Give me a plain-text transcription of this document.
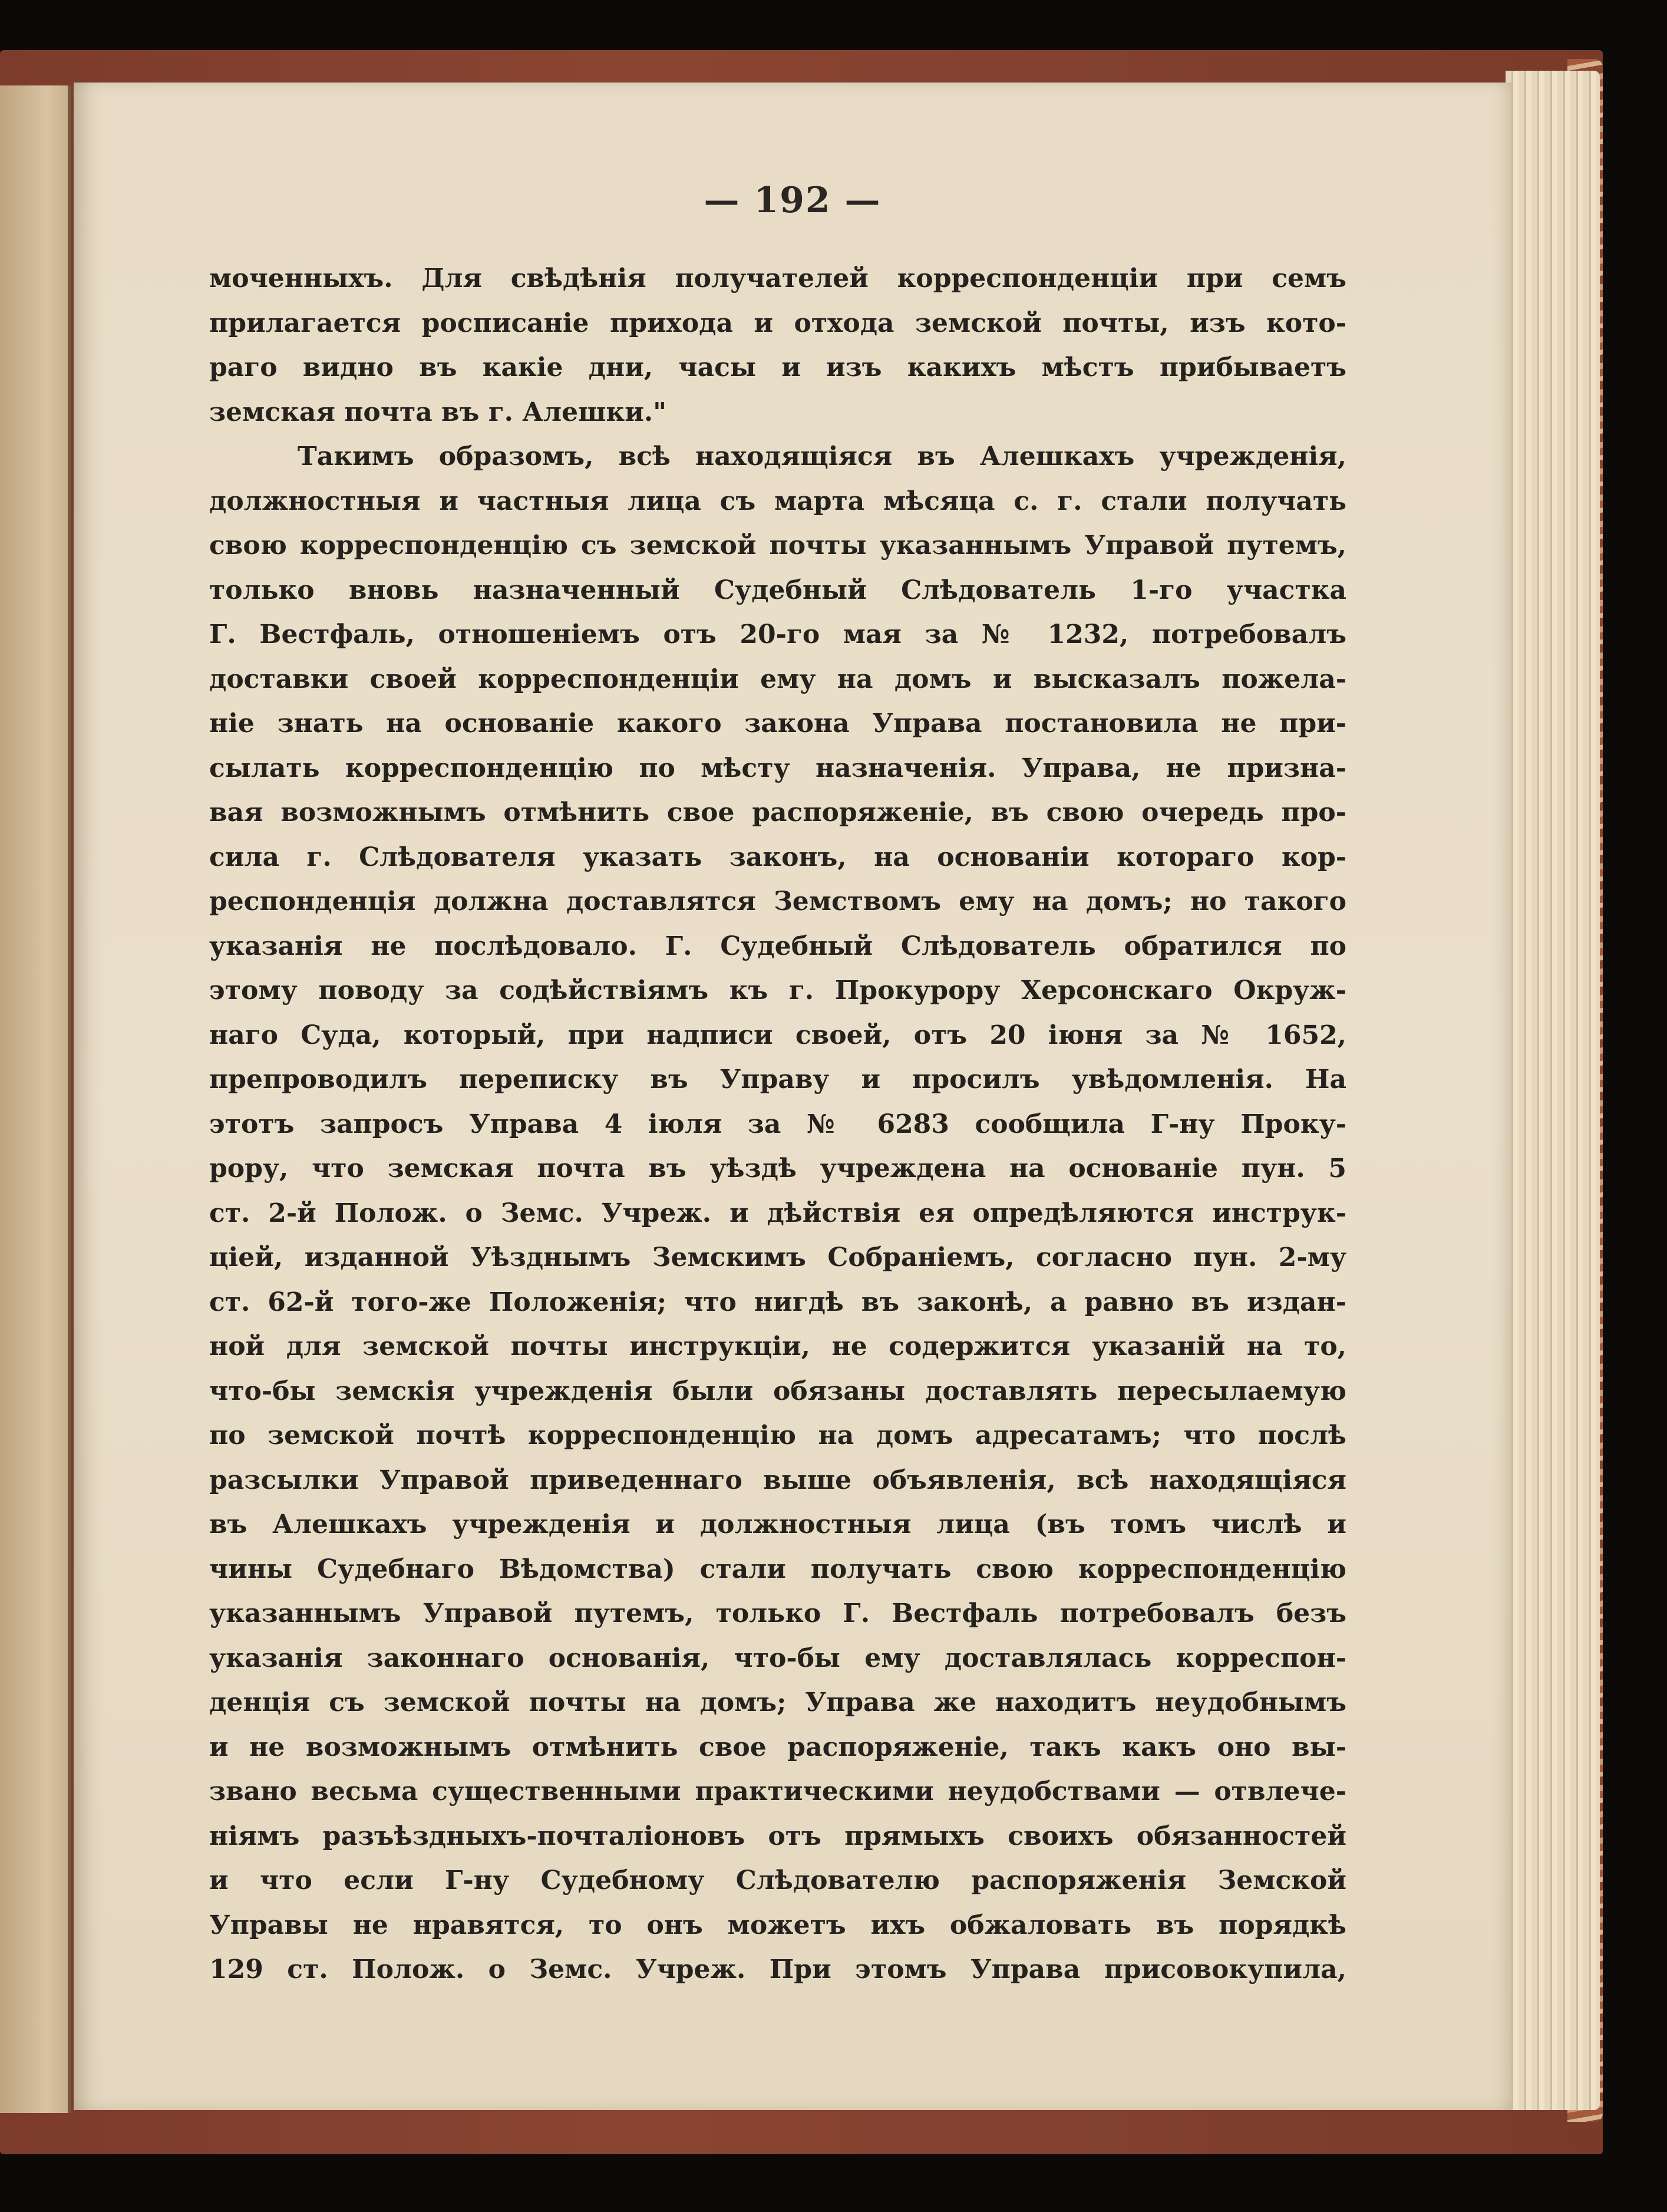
— 192 —
моченныхъ. Для свѣдѣнія получателей корреспонденціи при семъ
прилагается росписаніе прихода и отхода земской почты, изъ кото-
раго видно въ какіе дни, часы и изъ какихъ мѣстъ прибываетъ
земская почта въ г. Алешки."
Такимъ образомъ, всѣ находящіяся въ Алешкахъ учрежденія,
должностныя и частныя лица съ марта мѣсяца с. г. стали получать
свою корреспонденцію съ земской почты указаннымъ Управой путемъ,
только вновь назначенный Судебный Слѣдователь 1-го участка
Г. Вестфаль, отношеніемъ отъ 20-го мая за № 1232, потребовалъ
доставки своей корреспонденціи ему на домъ и высказалъ пожела-
ніе знать на основаніе какого закона Управа постановила не при-
сылать корреспонденцію по мѣсту назначенія. Управа, не призна-
вая возможнымъ отмѣнить свое распоряженіе, въ свою очередь про-
сила г. Слѣдователя указать законъ, на основаніи котораго кор-
респонденція должна доставлятся Земствомъ ему на домъ; но такого
указанія не послѣдовало. Г. Судебный Слѣдователь обратился по
этому поводу за содѣйствіямъ къ г. Прокурору Херсонскаго Окруж-
наго Суда, который, при надписи своей, отъ 20 іюня за № 1652,
препроводилъ переписку въ Управу и просилъ увѣдомленія. На
этотъ запросъ Управа 4 іюля за № 6283 сообщила Г-ну Проку-
рору, что земская почта въ уѣздѣ учреждена на основаніе пун. 5
ст. 2-й Полож. о Земс. Учреж. и дѣйствія ея опредѣляются инструк-
ціей, изданной Уѣзднымъ Земскимъ Собраніемъ, согласно пун. 2-му
ст. 62-й того-же Положенія; что нигдѣ въ законѣ, а равно въ издан-
ной для земской почты инструкціи, не содержится указаній на то,
что-бы земскія учрежденія были обязаны доставлять пересылаемую
по земской почтѣ корреспонденцію на домъ адресатамъ; что послѣ
разсылки Управой приведеннаго выше объявленія, всѣ находящіяся
въ Алешкахъ учрежденія и должностныя лица (въ томъ числѣ и
чины Судебнаго Вѣдомства) стали получать свою корреспонденцію
указаннымъ Управой путемъ, только Г. Вестфаль потребовалъ безъ
указанія законнаго основанія, что-бы ему доставлялась корреспон-
денція съ земской почты на домъ; Управа же находитъ неудобнымъ
и не возможнымъ отмѣнить свое распоряженіе, такъ какъ оно вы-
звано весьма существенными практическими неудобствами — отвлече-
ніямъ разъѣздныхъ-почталіоновъ отъ прямыхъ своихъ обязанностей
и что если Г-ну Судебному Слѣдователю распоряженія Земской
Управы не нравятся, то онъ можетъ ихъ обжаловать въ порядкѣ
129 ст. Полож. о Земс. Учреж. При этомъ Управа присовокупила,
